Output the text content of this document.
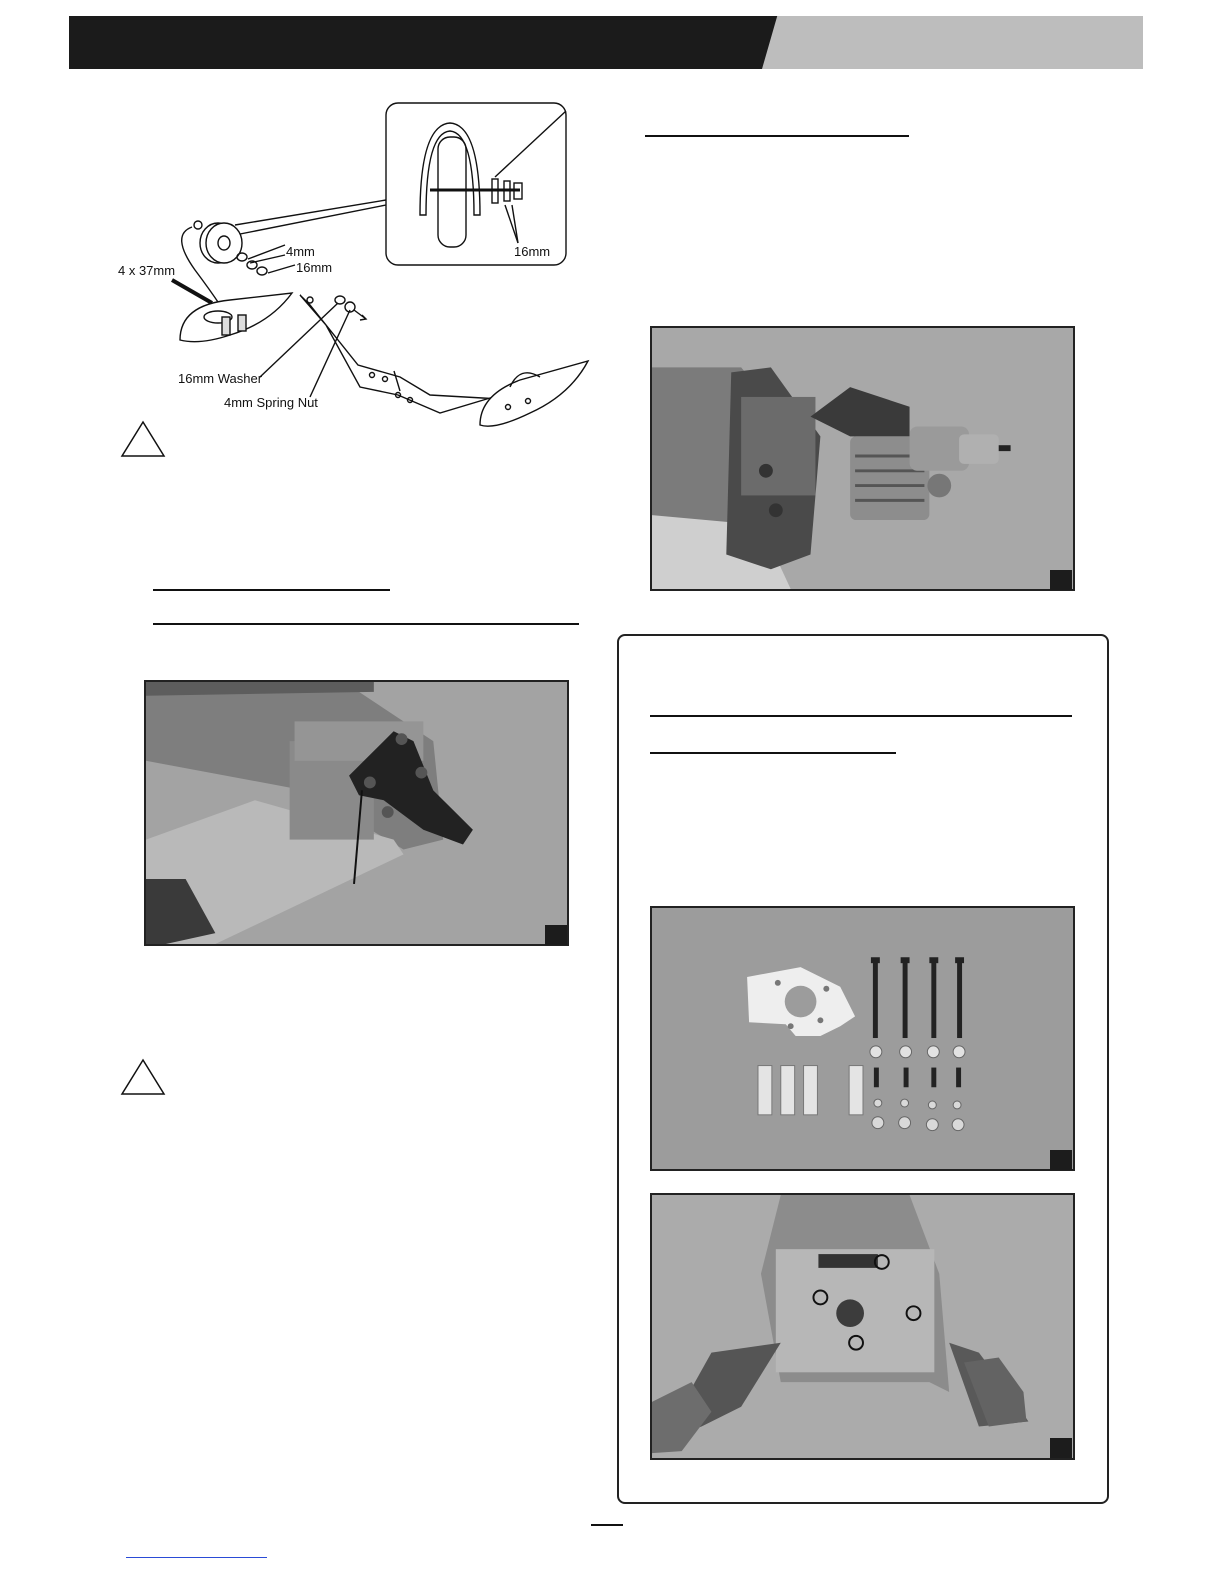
4 x 37mm
4mm
16mm
16mm
16mm Washer
4mm Spring Nut
